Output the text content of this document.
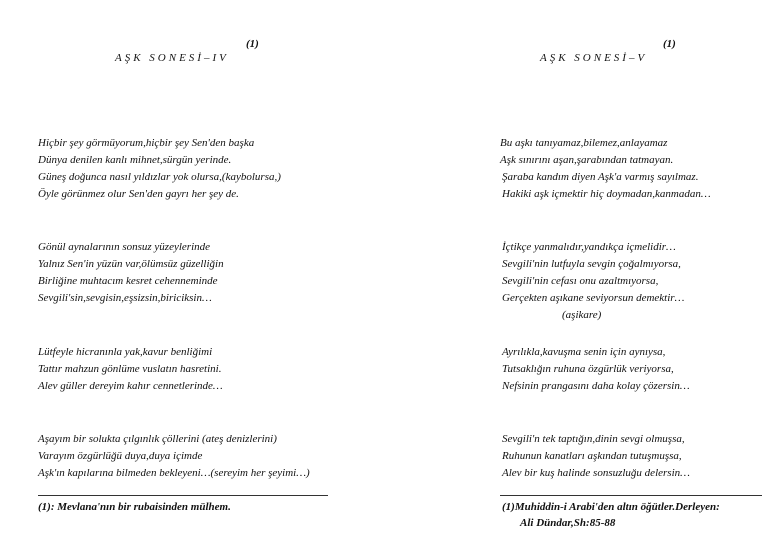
(1)
AŞK SONESİ–IV
Hiçbir şey görmüyorum,hiçbir şey Sen'den başka
Dünya denilen kanlı mihnet,sürgün yerinde.
Güneş doğunca nasıl yıldızlar yok olursa,(kaybolursa,)
Öyle görünmez olur Sen'den gayrı her şey de.
Gönül aynalarının sonsuz yüzeylerinde
Yalnız Sen'in yüzün var,ölümsüz güzelliğin
Birliğine muhtacım kesret cehenneminde
Sevgili'sin,sevgisin,eşsizsin,biriciksin…
Lütfeyle hicranınla yak,kavur benliğimi
Tattır mahzun gönlüme vuslatın hasretini.
Alev güller dereyim kahır cennetlerinde…
Aşayım bir solukta çılgınlık çöllerini (ateş denizlerini)
Varayım özgürlüğü duya,duya içimde
Aşk'ın kapılarına bilmeden bekleyeni…(sereyim her şeyimi…)
(1): Mevlana'nın bir rubaisinden mülhem.
(1)
AŞK SONESİ–V
Bu aşkı tanıyamaz,bilemez,anlayamaz
Aşk sınırını aşan,şarabından tatmayan.
Şaraba kandım diyen Aşk'a varmış sayılmaz.
Hakiki aşk içmektir hiç doymadan,kanmadan…
İçtikçe yanmalıdır,yandıkça içmelidir…
Sevgili'nin lutfuyla sevgin çoğalmıyorsa,
Sevgili'nin cefası onu azaltmıyorsa,
Gerçekten aşıkane seviyorsun demektir…
(aşikare)
Ayrılıkla,kavuşma senin için aynıysa,
Tutsaklığın ruhuna özgürlük veriyorsa,
Nefsinin prangasını daha kolay çözersin…
Sevgili'n tek taptığın,dinin sevgi olmuşsa,
Ruhunun kanatları aşkından tutuşmuşsa,
Alev bir kuş halinde sonsuzluğu delersin…
(1)Muhiddin-i Arabi'den altın öğütler.Derleyen:
Ali Dündar,Sh:85-88
